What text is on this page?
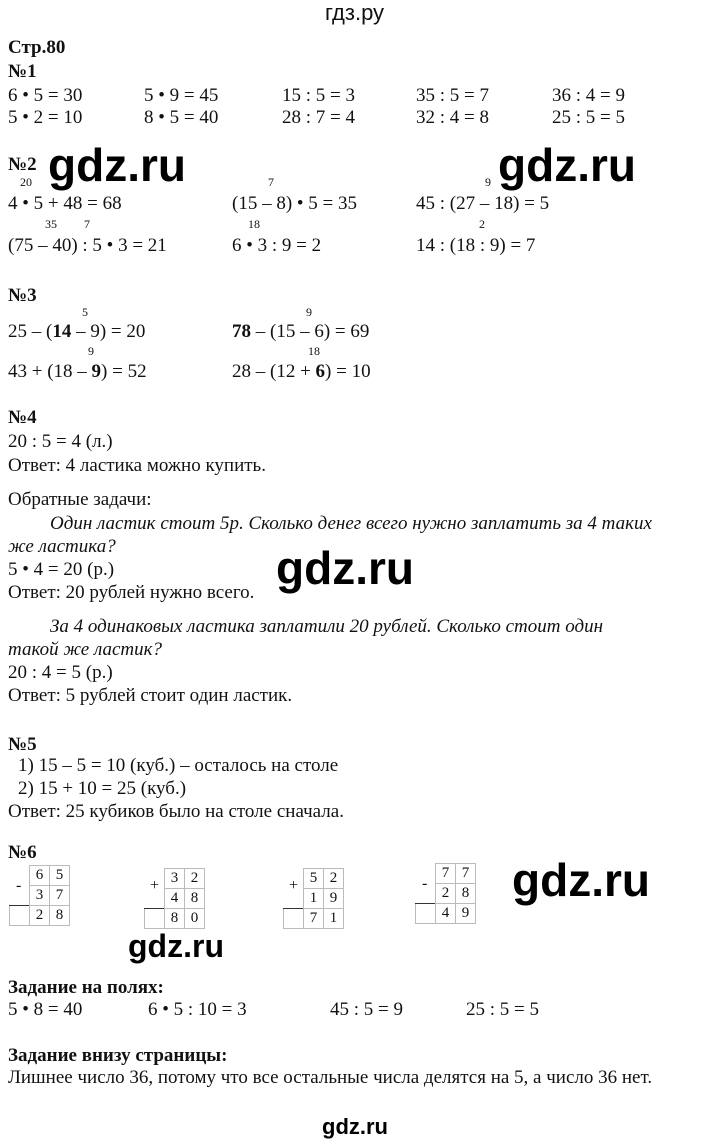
гдз.ру
Стр.80
№1
6 • 5 = 30	5 • 9 = 45	15 : 5 = 3	35 : 5 = 7	36 : 4 = 9
5 • 2 = 10	8 • 5 = 40	28 : 7 = 4	32 : 4 = 8	25 : 5 = 5
№2
20	7	9
4 • 5 + 48 = 68	(15 – 8) • 5 = 35	45 : (27 – 18) = 5
35 7	18	2
(75 – 40) : 5 • 3 = 21	6 • 3 : 9 = 2	14 : (18 : 9) = 7
№3
5	9
25 – (14 – 9) = 20	78 – (15 – 6) = 69
9	18
43 + (18 – 9) = 52	28 – (12 + 6) = 10
№4
20 : 5 = 4 (л.)
Ответ: 4 ластика можно купить.
Обратные задачи:
Один ластик стоит 5р. Сколько денег всего нужно заплатить за 4 таких
же ластика?
5 • 4 = 20 (р.)
Ответ: 20 рублей нужно всего.
За 4 одинаковых ластика заплатили 20 рублей. Сколько стоит один
такой же ластик?
20 : 4 = 5 (р.)
Ответ: 5 рублей стоит один ластик.
№5
1) 15 – 5 = 10 (куб.) – осталось на столе
2) 15 + 10 = 25 (куб.)
Ответ: 25 кубиков было на столе сначала.
№6
-
	6	5
	3	7
	2	8
+
	3	2
	4	8
	8	0
+
	5	2
	1	9
	7	1
-
	7	7
	2	8
	4	9
Задание на полях:
5 • 8 = 40	6 • 5 : 10 = 3	45 : 5 = 9	25 : 5 = 5
Задание внизу страницы:
Лишнее число 36, потому что все остальные числа делятся на 5, а число 36 нет.
gdz.ru	gdz.ru
gdz.ru
gdz.ru
gdz.ru
gdz.ru
